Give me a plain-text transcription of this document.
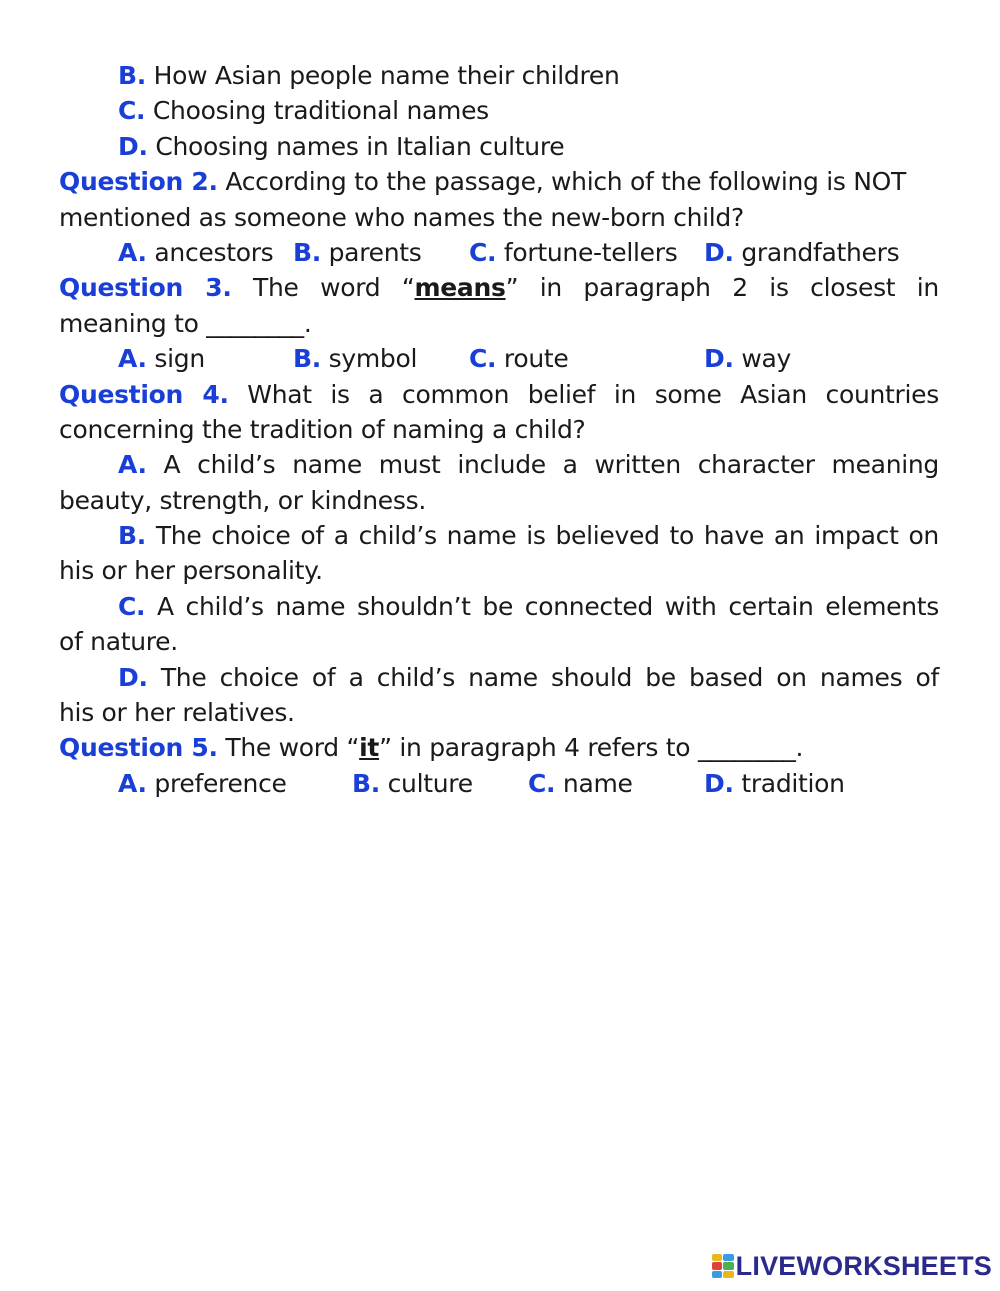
B. How Asian people name their children
C. Choosing traditional names
D. Choosing names in Italian culture
Question 2. According to the passage, which of the following is NOT
mentioned as someone who names the new-born child?
A. ancestors B. parents C. fortune-tellers D. grandfathers
Question 3. The word “means” in paragraph 2 is closest in
meaning to ________.
A. sign	B. symbol C. route	D. way
Question 4. What is a common belief in some Asian countries
concerning the tradition of naming a child?
A. A child’s name must include a written character meaning
beauty, strength, or kindness.
B. The choice of a child’s name is believed to have an impact on
his or her personality.
C. A child’s name shouldn’t be connected with certain elements
of nature.
D. The choice of a child’s name should be based on names of
his or her relatives.
Question 5. The word “it” in paragraph 4 refers to ________.
A. preference	B. culture C. name	D. tradition
LIVEWORKSHEETS
